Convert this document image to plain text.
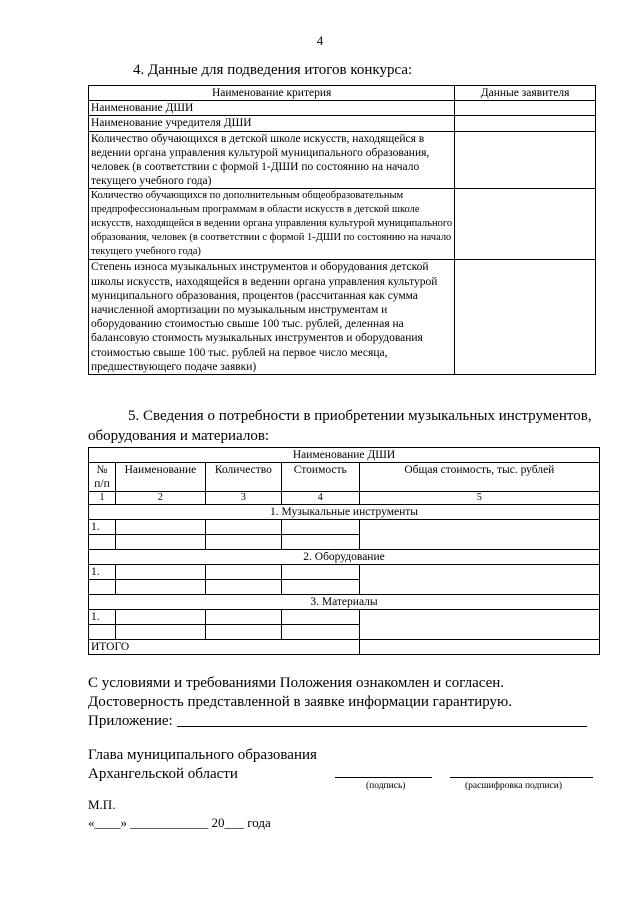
4
4. Данные для подведения итогов конкурса:
Наименование критерия	Данные заявителя
Наименование ДШИ	
Наименование учредителя ДШИ	
Количество обучающихся в детской школе искусств, находящейся в ведении органа управления культурой муниципального образования, человек (в соответствии с формой 1-ДШИ по состоянию на начало текущего учебного года)	
Количество обучающихся по дополнительным общеобразовательным предпрофессиональным программам в области искусств в детской школе искусств, находящейся в ведении органа управления культурой муниципального образования, человек (в соответствии с формой 1-ДШИ по состоянию на начало текущего учебного года)	
Степень износа музыкальных инструментов и оборудования детской школы искусств, находящейся в ведении органа управления культурой муниципального образования, процентов (рассчитанная как сумма начисленной амортизации по музыкальным инструментам и оборудованию стоимостью свыше 100 тыс. рублей, деленная на балансовую стоимость музыкальных инструментов и оборудования стоимостью свыше 100 тыс. рублей на первое число месяца, предшествующего подаче заявки)	
5. Сведения о потребности в приобретении музыкальных инструментов, оборудования и материалов:
Наименование ДШИ				
№ п/п	Наименование	Количество	Стоимость	Общая стоимость, тыс. рублей
1	2	3	4	5
1. Музыкальные инструменты				
1.				

2. Оборудование				
1.				

3. Материалы				
1.				

ИТОГО				
С условиями и требованиями Положения ознакомлен и согласен.
Достоверность представленной в заявке информации гарантирую.
Приложение:
Глава муниципального образования
Архангельской области
(подпись)	(расшифровка подписи)
М.П.
«____» ____________ 20___ года
